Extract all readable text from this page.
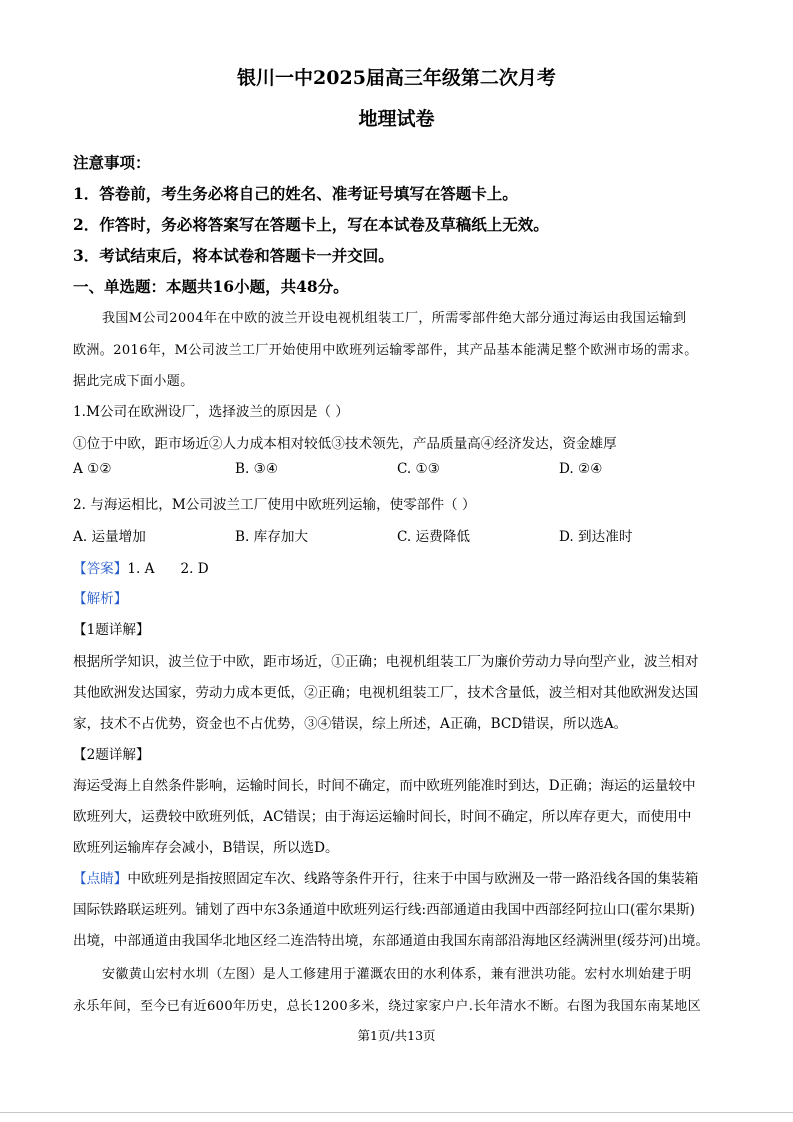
银川一中2025届高三年级第二次月考
地理试卷
注意事项：
1．答卷前，考生务必将自己的姓名、准考证号填写在答题卡上。
2．作答时，务必将答案写在答题卡上，写在本试卷及草稿纸上无效。
3．考试结束后，将本试卷和答题卡一并交回。
一、单选题：本题共16小题，共48分。
我国M公司2004年在中欧的波兰开设电视机组装工厂，所需零部件绝大部分通过海运由我国运输到
欧洲。2016年，M公司波兰工厂开始使用中欧班列运输零部件，其产品基本能满足整个欧洲市场的需求。
据此完成下面小题。
1.M公司在欧洲设厂，选择波兰的原因是（ ）
①位于中欧，距市场近②人力成本相对较低③技术领先，产品质量高④经济发达，资金雄厚
A ①②	B. ③④	C. ①③	D. ②④
2. 与海运相比，M公司波兰工厂使用中欧班列运输，使零部件（ ）
A. 运量增加	B. 库存加大	C. 运费降低	D. 到达准时
【答案】1. A 2. D
【解析】
【1题详解】
根据所学知识，波兰位于中欧，距市场近，①正确；电视机组装工厂为廉价劳动力导向型产业，波兰相对
其他欧洲发达国家，劳动力成本更低，②正确；电视机组装工厂，技术含量低，波兰相对其他欧洲发达国
家，技术不占优势，资金也不占优势，③④错误，综上所述，A正确，BCD错误，所以选A。
【2题详解】
海运受海上自然条件影响，运输时间长，时间不确定，而中欧班列能准时到达，D正确；海运的运量较中
欧班列大，运费较中欧班列低，AC错误；由于海运运输时间长，时间不确定，所以库存更大，而使用中
欧班列运输库存会减小，B错误，所以选D。
【点睛】中欧班列是指按照固定车次、线路等条件开行，往来于中国与欧洲及一带一路沿线各国的集装箱
国际铁路联运班列。铺划了西中东3条通道中欧班列运行线:西部通道由我国中西部经阿拉山口(霍尔果斯)
出境，中部通道由我国华北地区经二连浩特出境，东部通道由我国东南部沿海地区经满洲里(绥芬河)出境。
安徽黄山宏村水圳（左图）是人工修建用于灌溉农田的水利体系，兼有泄洪功能。宏村水圳始建于明
永乐年间，至今已有近600年历史，总长1200多米，绕过家家户户.长年清水不断。右图为我国东南某地区
第1页/共13页
